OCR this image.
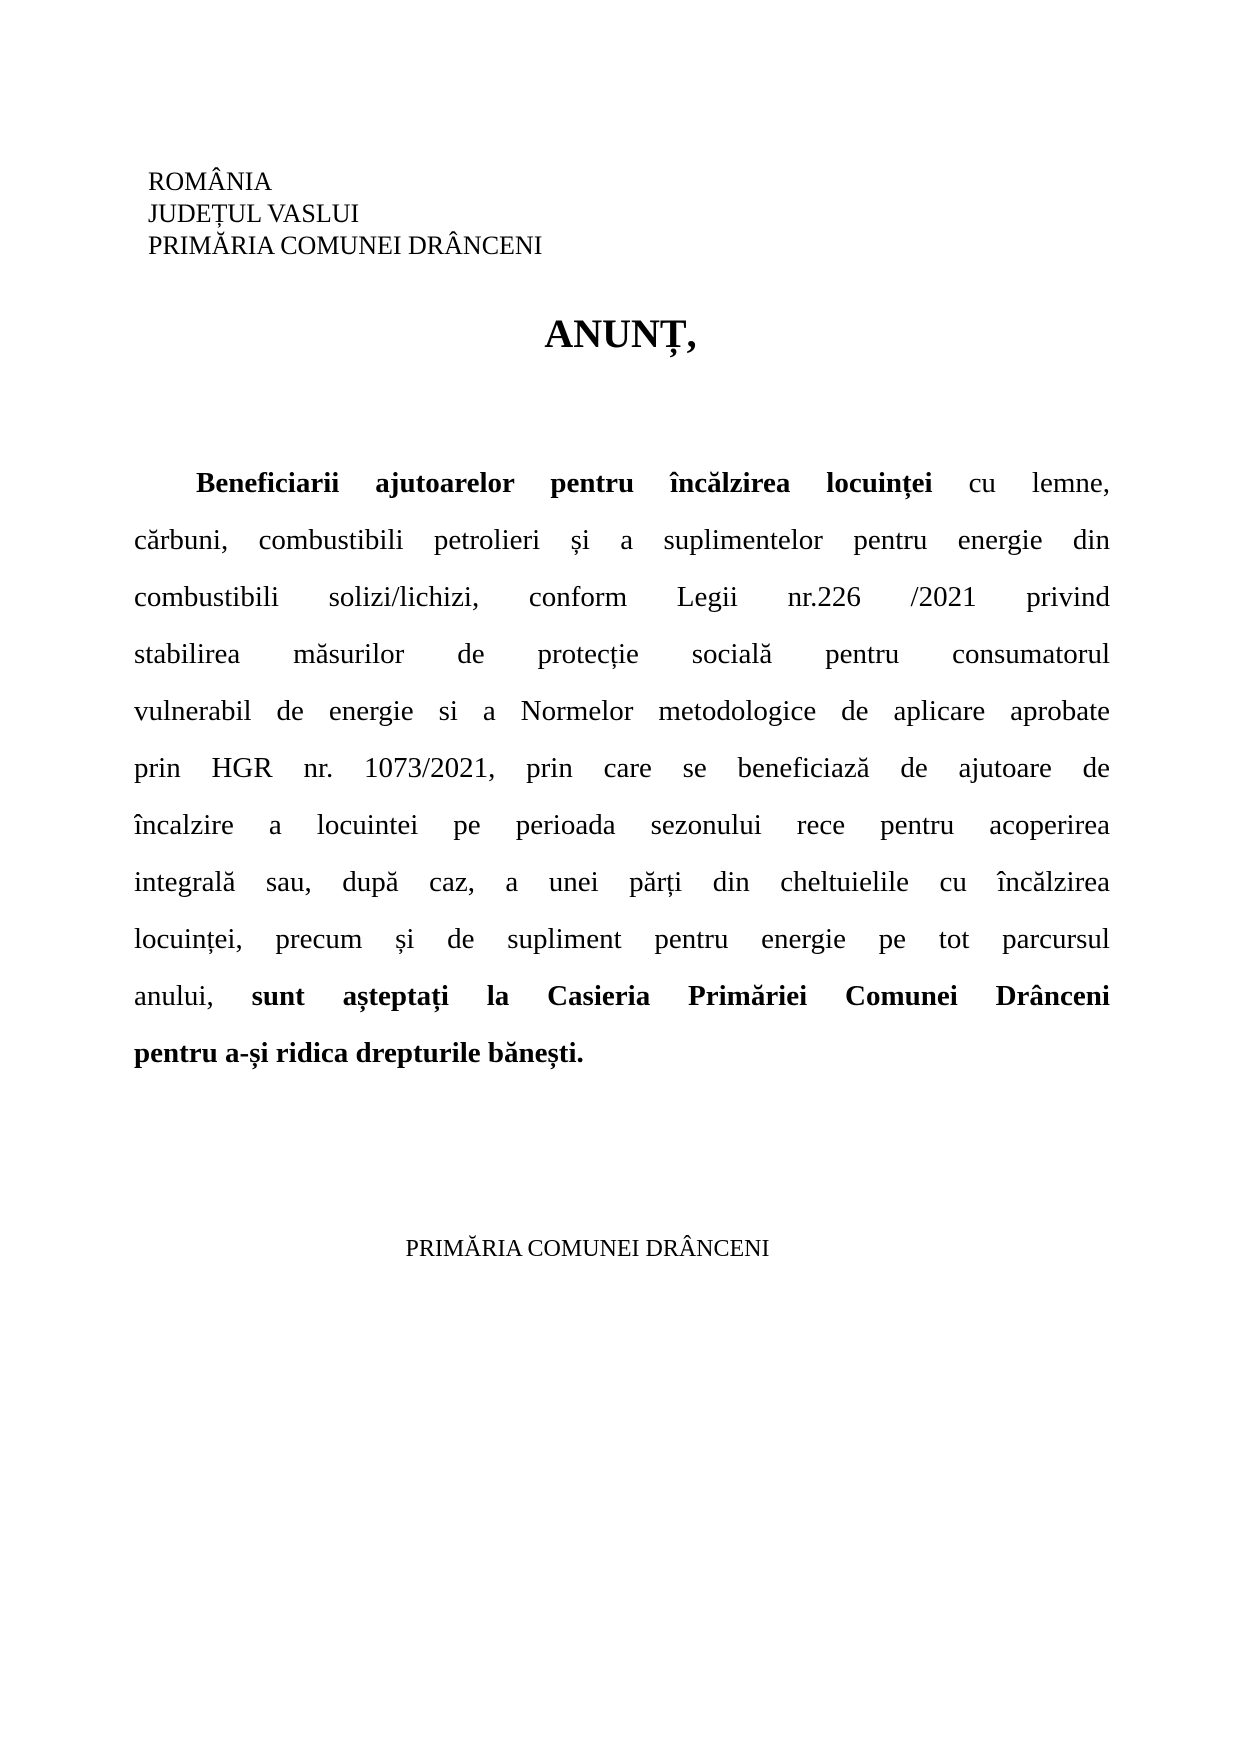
ROMÂNIA
JUDEȚUL VASLUI
PRIMĂRIA COMUNEI DRÂNCENI
ANUNȚ,
Beneficiarii ajutoarelor pentru încălzirea locuinței cu lemne,
cărbuni, combustibili petrolieri și a suplimentelor pentru energie din
combustibili solizi/lichizi, conform Legii nr.226 /2021 privind
stabilirea măsurilor de protecție socială pentru consumatorul
vulnerabil de energie si a Normelor metodologice de aplicare aprobate
prin HGR nr. 1073/2021, prin care se beneficiază de ajutoare de
încalzire a locuintei pe perioada sezonului rece pentru acoperirea
integrală sau, după caz, a unei părți din cheltuielile cu încălzirea
locuinței, precum și de supliment pentru energie pe tot parcursul
anului, sunt așteptați la Casieria Primăriei Comunei Drânceni
pentru a-și ridica drepturile bănești.
PRIMĂRIA COMUNEI DRÂNCENI
